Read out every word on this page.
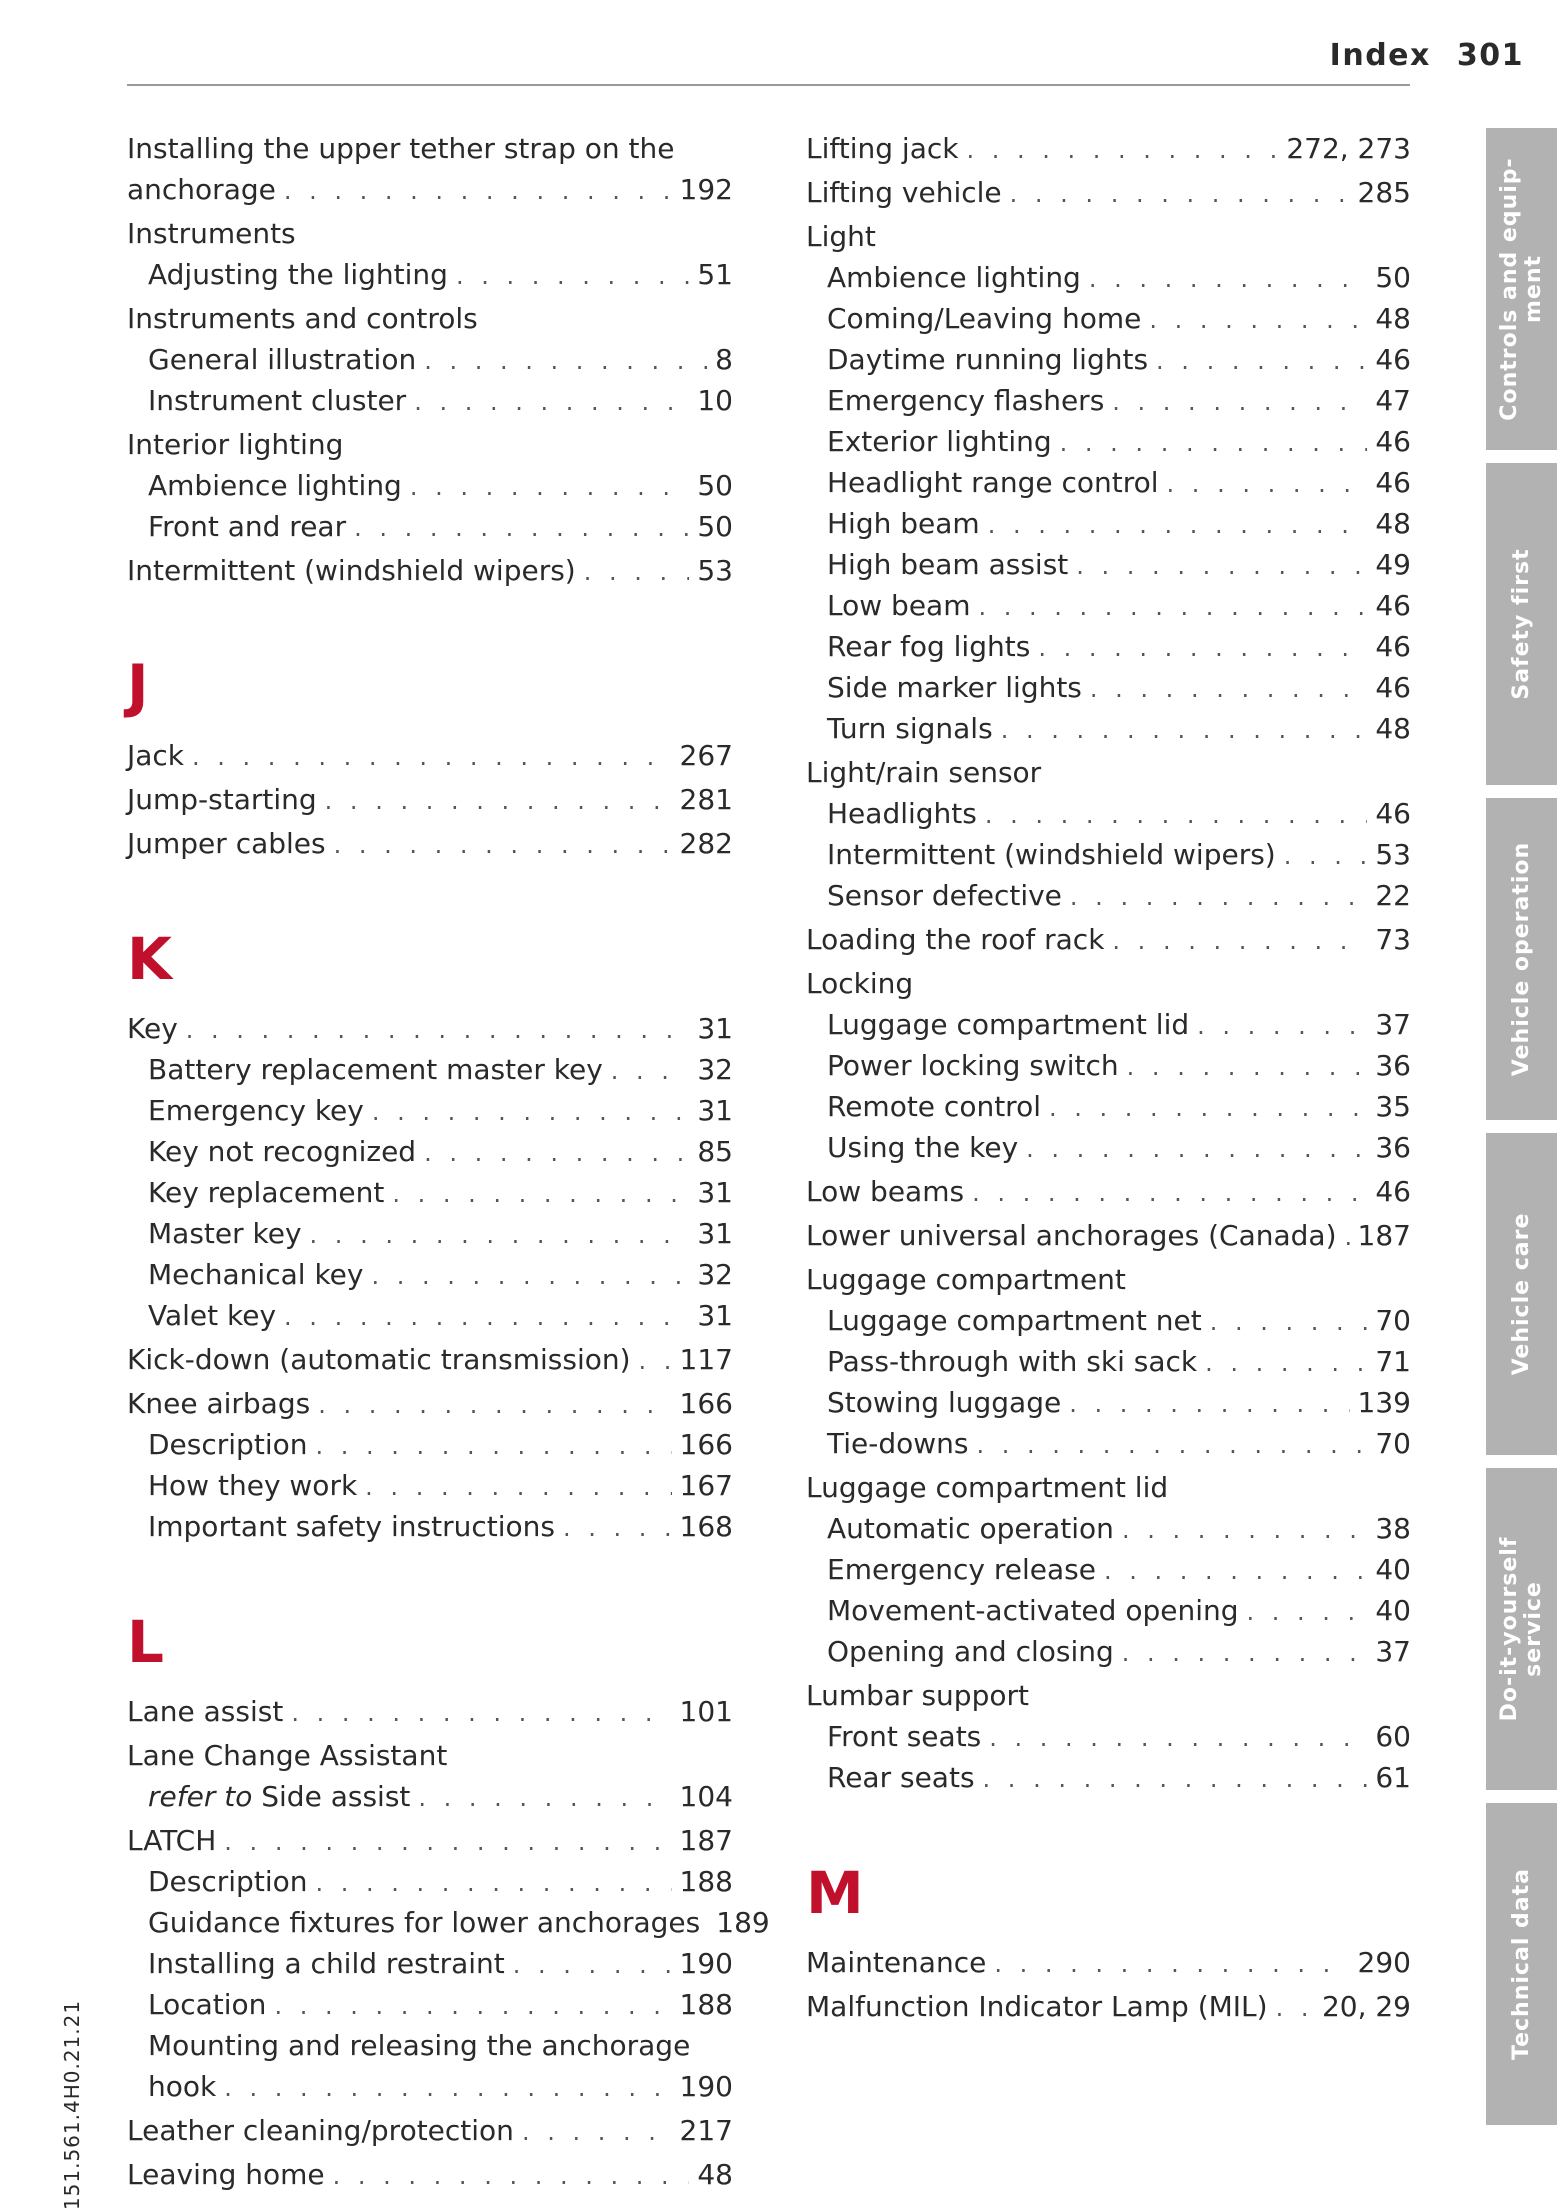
Index 301
Installing the upper tether strap on the
anchorage . . .	192
Instruments
Adjusting the lighting . . .	51
Instruments and controls
General illustration . . .	8
Instrument cluster . . .	10
Interior lighting
Ambience lighting . . .	50
Front and rear . . .	50
Intermittent (windshield wipers) . . .	53
J
Jack . . .	267
Jump-starting . . .	281
Jumper cables . . .	282
K
Key . . .	31
Battery replacement master key . . .	32
Emergency key . . .	31
Key not recognized . . .	85
Key replacement . . .	31
Master key . . .	31
Mechanical key . . .	32
Valet key . . .	31
Kick-down (automatic transmission) . . . 117
Knee airbags . . .	166
Description . . .	166
How they work . . .	167
Important safety instructions . . .	168
L
Lane assist . . .	101
Lane Change Assistant
refer to Side assist . . .	104
LATCH . . .	187
Description . . .	188
Guidance fixtures for lower anchorages 189
Installing a child restraint . . .	190
Location . . .	188
Mounting and releasing the anchorage
hook . . .	190
Leather cleaning/protection . . .	217
Leaving home . . .	48
Lifting jack . . .	272, 273
Lifting vehicle . . .	285
Light
Ambience lighting . . .	50
Coming/Leaving home . . .	48
Daytime running lights . . .	46
Emergency flashers . . .	47
Exterior lighting . . .	46
Headlight range control . . .	46
High beam . . .	48
High beam assist . . .	49
Low beam . . .	46
Rear fog lights . . .	46
Side marker lights . . .	46
Turn signals . . .	48
Light/rain sensor
Headlights . . .	46
Intermittent (windshield wipers) . . .	53
Sensor defective . . .	22
Loading the roof rack . . .	73
Locking
Luggage compartment lid . . .	37
Power locking switch . . .	36
Remote control . . .	35
Using the key . . .	36
Low beams . . .	46
Lower universal anchorages (Canada) . . . 187
Luggage compartment
Luggage compartment net . . .	70
Pass-through with ski sack . . .	71
Stowing luggage . . .	139
Tie-downs . . .	70
Luggage compartment lid
Automatic operation . . .	38
Emergency release . . .	40
Movement-activated opening . . .	40
Opening and closing . . .	37
Lumbar support
Front seats . . .	60
Rear seats . . .	61
M
Maintenance . . .	290
Malfunction Indicator Lamp (MIL) . . . 20, 29
Controls and equip-
ment
Safety first
Vehicle operation
Vehicle care
Do-it-yourself
service
Technical data
151.561.4H0.21.21
